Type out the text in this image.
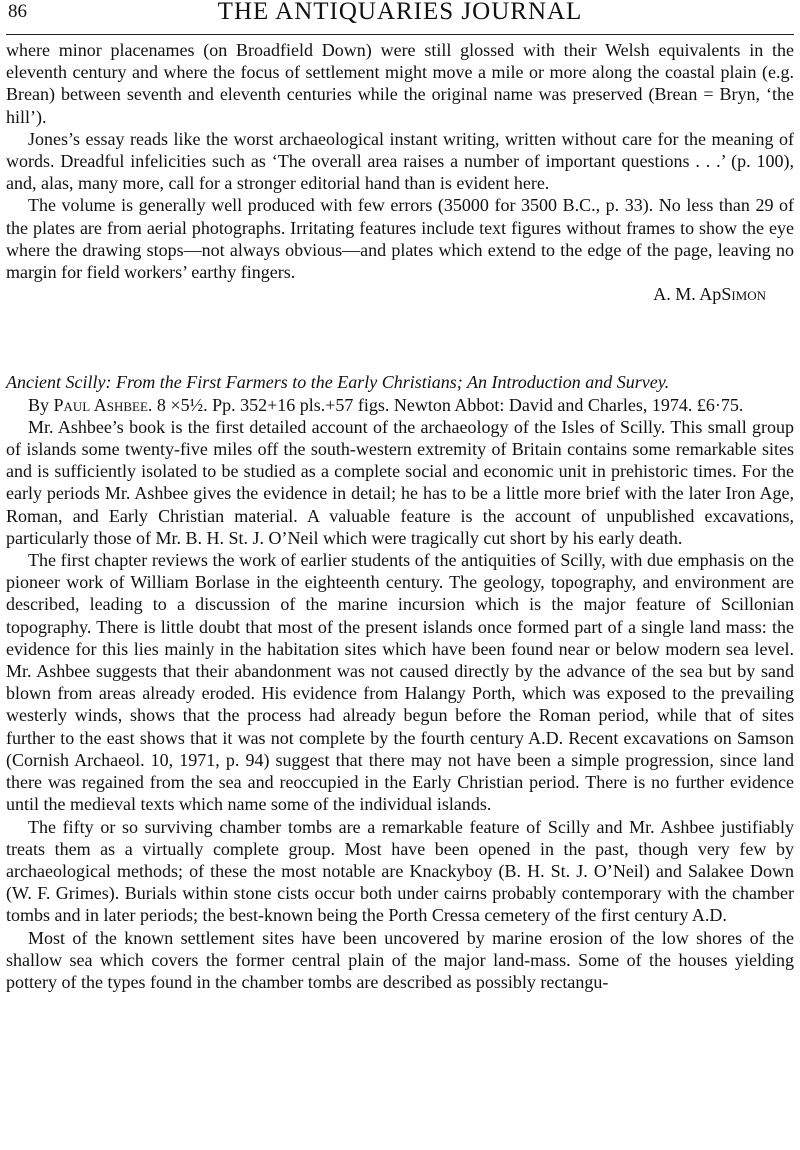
86	THE ANTIQUARIES JOURNAL

where minor placenames (on Broadfield Down) were still glossed with their Welsh equivalents in the eleventh century and where the focus of settlement might move a mile or more along the coastal plain (e.g. Brean) between seventh and eleventh centuries while the original name was preserved (Brean = Bryn, ‘the hill’).

Jones’s essay reads like the worst archaeological instant writing, written without care for the meaning of words. Dreadful infelicities such as ‘The overall area raises a number of important questions . . .’ (p. 100), and, alas, many more, call for a stronger editorial hand than is evident here.

The volume is generally well produced with few errors (35000 for 3500 B.C., p. 33). No less than 29 of the plates are from aerial photographs. Irritating features include text figures without frames to show the eye where the drawing stops—not always obvious—and plates which extend to the edge of the page, leaving no margin for field workers’ earthy fingers.

A. M. ApSimon

Ancient Scilly: From the First Farmers to the Early Christians; An Introduction and Survey.

By Paul Ashbee. 8 ×5½. Pp. 352+16 pls.+57 figs. Newton Abbot: David and Charles, 1974. £6·75.

Mr. Ashbee’s book is the first detailed account of the archaeology of the Isles of Scilly. This small group of islands some twenty-five miles off the south-western extremity of Britain contains some remarkable sites and is sufficiently isolated to be studied as a complete social and economic unit in prehistoric times. For the early periods Mr. Ashbee gives the evidence in detail; he has to be a little more brief with the later Iron Age, Roman, and Early Christian material. A valuable feature is the account of unpublished excavations, particularly those of Mr. B. H. St. J. O’Neil which were tragically cut short by his early death.

The first chapter reviews the work of earlier students of the antiquities of Scilly, with due emphasis on the pioneer work of William Borlase in the eighteenth century. The geology, topography, and environment are described, leading to a discussion of the marine incursion which is the major feature of Scillonian topography. There is little doubt that most of the present islands once formed part of a single land mass: the evidence for this lies mainly in the habitation sites which have been found near or below modern sea level. Mr. Ashbee suggests that their abandonment was not caused directly by the advance of the sea but by sand blown from areas already eroded. His evidence from Halangy Porth, which was exposed to the prevailing westerly winds, shows that the process had already begun before the Roman period, while that of sites further to the east shows that it was not complete by the fourth century A.D. Recent excavations on Samson (Cornish Archaeol. 10, 1971, p. 94) suggest that there may not have been a simple progression, since land there was regained from the sea and reoccupied in the Early Christian period. There is no further evidence until the medieval texts which name some of the individual islands.

The fifty or so surviving chamber tombs are a remarkable feature of Scilly and Mr. Ashbee justifiably treats them as a virtually complete group. Most have been opened in the past, though very few by archaeological methods; of these the most notable are Knackyboy (B. H. St. J. O’Neil) and Salakee Down (W. F. Grimes). Burials within stone cists occur both under cairns probably contemporary with the chamber tombs and in later periods; the best-known being the Porth Cressa cemetery of the first century A.D.

Most of the known settlement sites have been uncovered by marine erosion of the low shores of the shallow sea which covers the former central plain of the major land-mass. Some of the houses yielding pottery of the types found in the chamber tombs are described as possibly rectangu-
